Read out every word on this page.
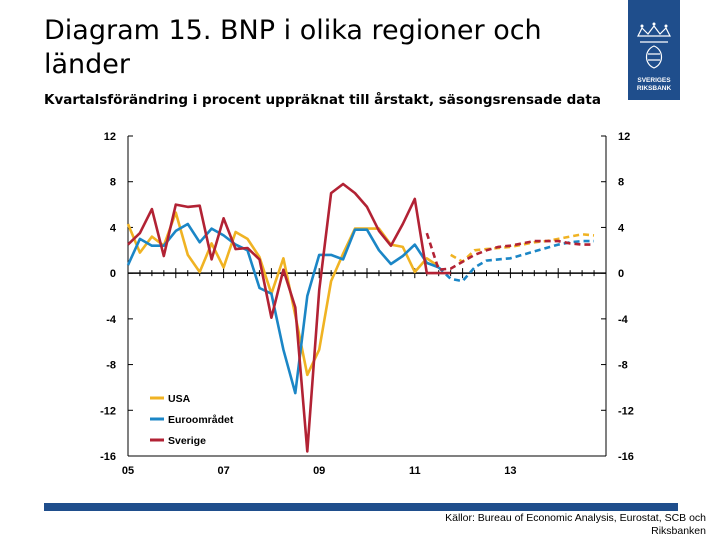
Diagram 15. BNP i olika regioner och länder
Kvartalsförändring i procent uppräknat till årstakt, säsongsrensade data
SVERIGES
RIKSBANK
12	12
8	8
4	4
0	0
-4	-4
-8	-8
-12	-12
-16	-16
05	07	09	11	13
USA
Euroområdet
Sverige
Källor: Bureau of Economic Analysis, Eurostat, SCB och Riksbanken
